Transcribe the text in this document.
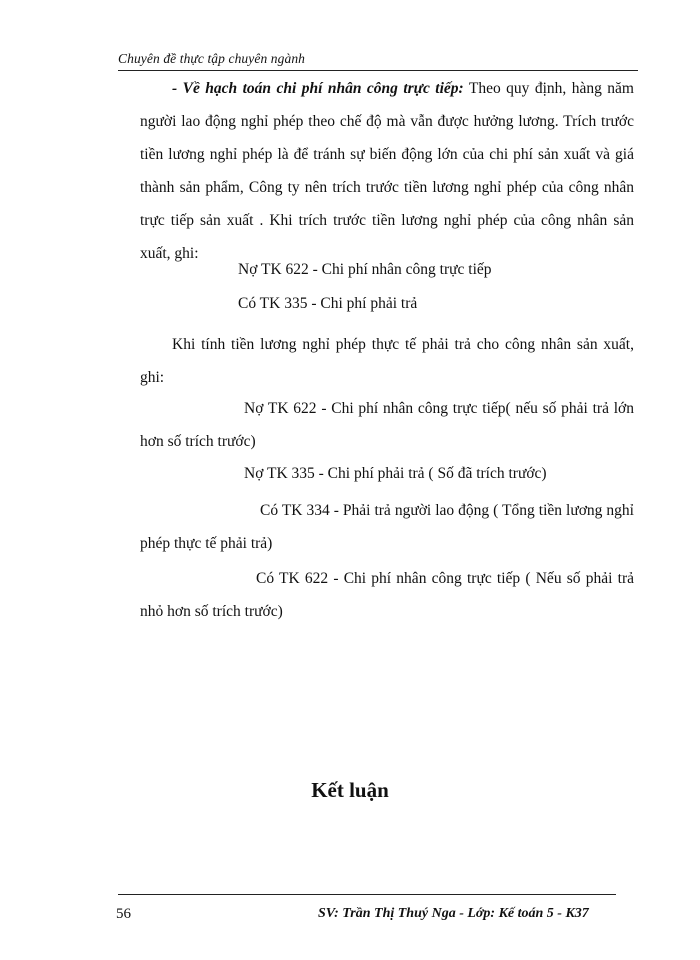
Chuyên đề thực tập chuyên ngành
- Về hạch toán chi phí nhân công trực tiếp: Theo quy định, hàng năm người lao động nghỉ phép theo chế độ mà vẫn được hưởng lương. Trích trước tiền lương nghỉ phép là để tránh sự biến động lớn của chi phí sản xuất và giá thành sản phẩm, Công ty nên trích trước tiền lương nghỉ phép của công nhân trực tiếp sản xuất . Khi trích trước tiền lương nghỉ phép của công nhân sản xuất, ghi:
Nợ TK 622 - Chi phí nhân công trực tiếp
Có TK 335 - Chi phí phải trả
Khi tính tiền lương nghỉ phép thực tế phải trả cho công nhân sản xuất, ghi:
Nợ TK 622 - Chi phí nhân công trực tiếp( nếu số phải trả lớn hơn số trích trước)
Nợ TK 335 - Chi phí phải trả ( Số đã trích trước)
Có TK 334 - Phải trả người lao động ( Tổng tiền lương nghỉ phép thực tế phải trả)
Có TK 622 - Chi phí nhân công trực tiếp ( Nếu số phải trả nhỏ hơn số trích trước)
Kết luận
56	SV: Trần Thị Thuý Nga - Lớp: Kế toán 5 - K37
